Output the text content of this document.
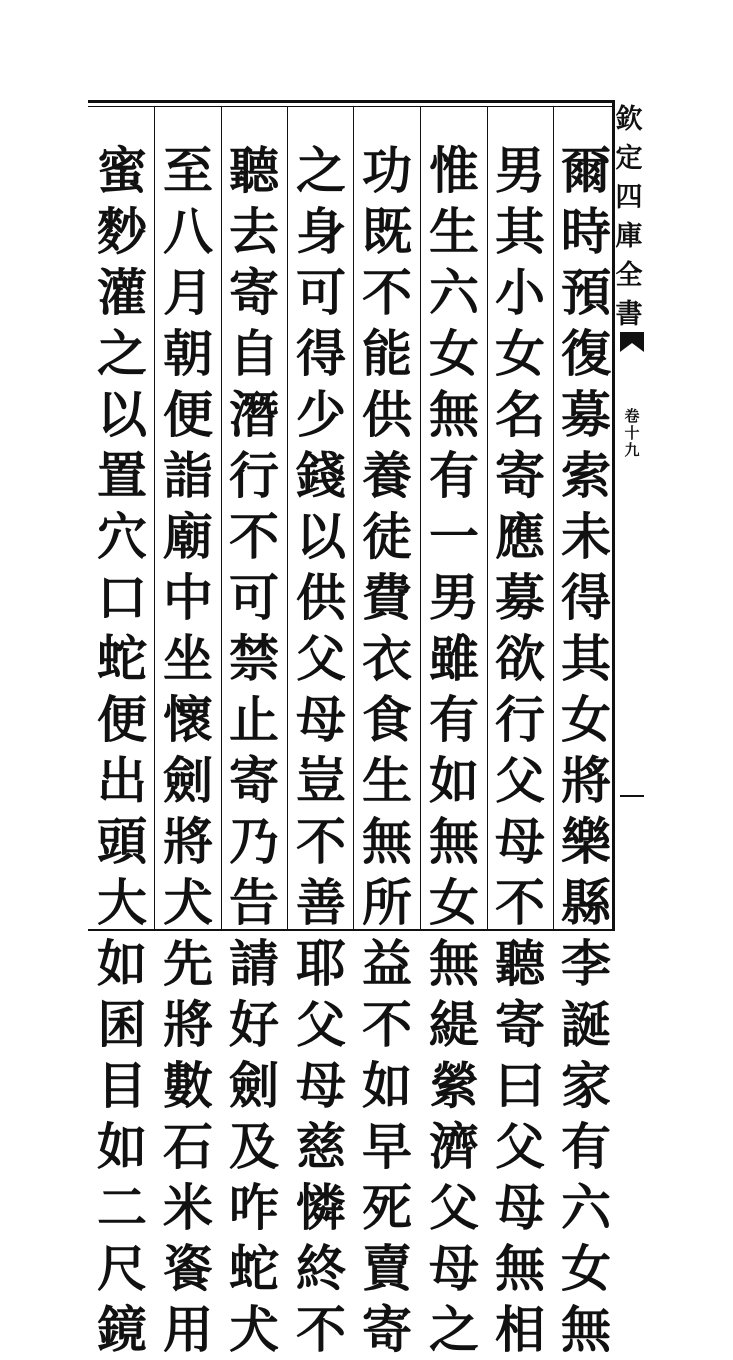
欽
定
四
庫
全
書
卷
十
九
爾
時
預
復
募
索
未
得
其
女
將
樂
縣
李
誕
家
有
六
女
無
男
其
小
女
名
寄
應
募
欲
行
父
母
不
聽
寄
曰
父
母
無
相
惟
生
六
女
無
有
一
男
雖
有
如
無
女
無
緹
縈
濟
父
母
之
功
既
不
能
供
養
徒
費
衣
食
生
無
所
益
不
如
早
死
賣
寄
之
身
可
得
少
錢
以
供
父
母
豈
不
善
耶
父
母
慈
憐
終
不
聽
去
寄
自
潛
行
不
可
禁
止
寄
乃
告
請
好
劍
及
咋
蛇
犬
至
八
月
朝
便
詣
廟
中
坐
懷
劍
將
犬
先
將
數
石
米
餈
用
蜜
麨
灌
之
以
置
穴
口
蛇
便
出
頭
大
如
囷
目
如
二
尺
鏡
